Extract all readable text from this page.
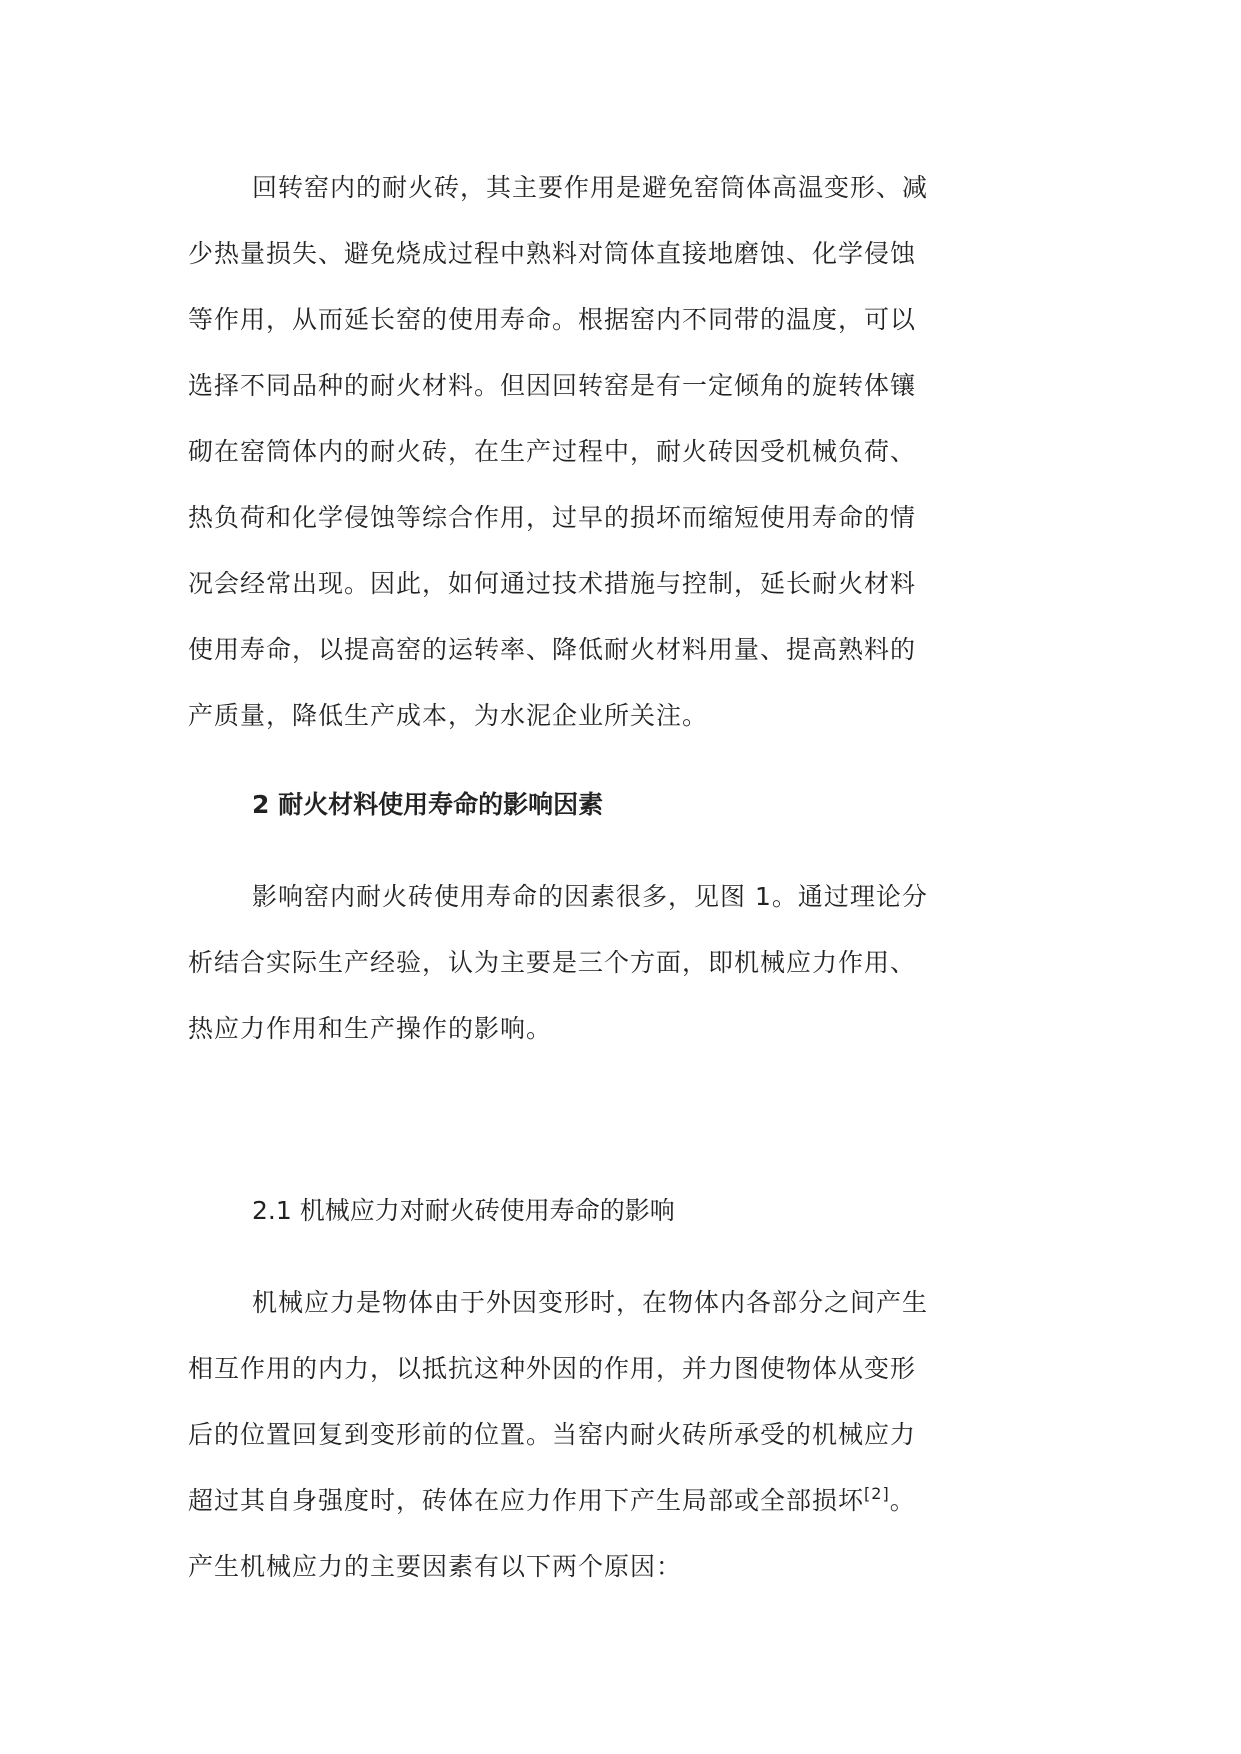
回转窑内的耐火砖，其主要作用是避免窑筒体高温变形、减
少热量损失、避免烧成过程中熟料对筒体直接地磨蚀、化学侵蚀
等作用，从而延长窑的使用寿命。根据窑内不同带的温度，可以
选择不同品种的耐火材料。但因回转窑是有一定倾角的旋转体镶
砌在窑筒体内的耐火砖，在生产过程中，耐火砖因受机械负荷、
热负荷和化学侵蚀等综合作用，过早的损坏而缩短使用寿命的情
况会经常出现。因此，如何通过技术措施与控制，延长耐火材料
使用寿命，以提高窑的运转率、降低耐火材料用量、提高熟料的
产质量，降低生产成本，为水泥企业所关注。
2 耐火材料使用寿命的影响因素
影响窑内耐火砖使用寿命的因素很多，见图 1。通过理论分
析结合实际生产经验，认为主要是三个方面，即机械应力作用、
热应力作用和生产操作的影响。
2.1 机械应力对耐火砖使用寿命的影响
机械应力是物体由于外因变形时，在物体内各部分之间产生
相互作用的内力，以抵抗这种外因的作用，并力图使物体从变形
后的位置回复到变形前的位置。当窑内耐火砖所承受的机械应力
超过其自身强度时，砖体在应力作用下产生局部或全部损坏[2]。
产生机械应力的主要因素有以下两个原因：
